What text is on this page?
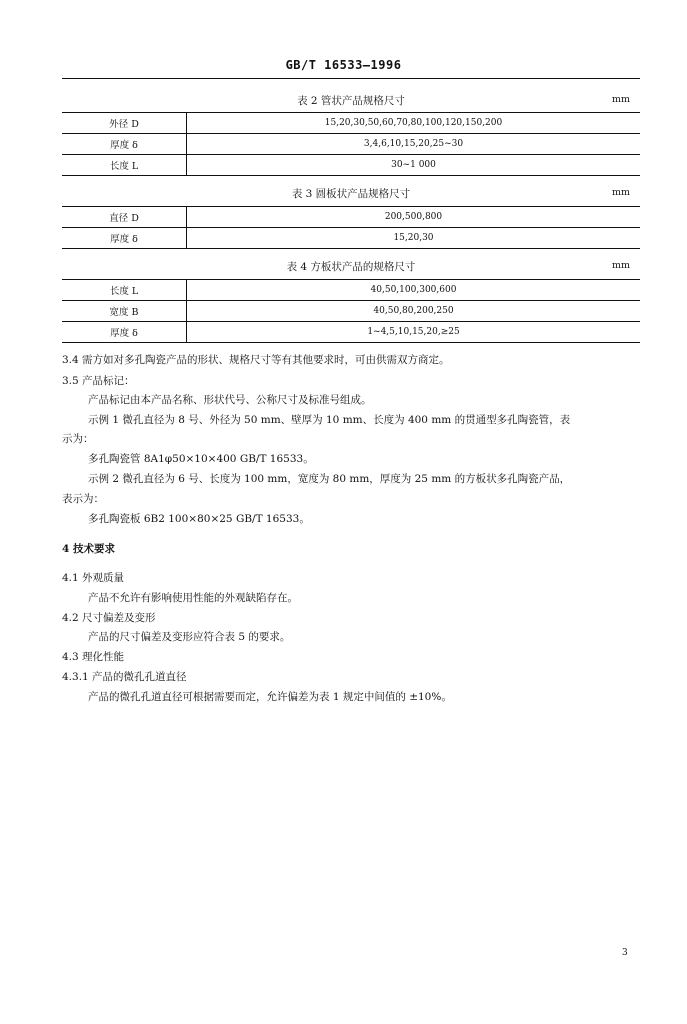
GB/T 16533—1996
表 2 管状产品规格尺寸	mm
外径 D	15,20,30,50,60,70,80,100,120,150,200
厚度 δ	3,4,6,10,15,20,25~30
长度 L	30~1 000
表 3 圆板状产品规格尺寸	mm
直径 D	200,500,800
厚度 δ	15,20,30
表 4 方板状产品的规格尺寸	mm
长度 L	40,50,100,300,600
宽度 B	40,50,80,200,250
厚度 δ	1~4,5,10,15,20,≥25
3.4 需方如对多孔陶瓷产品的形状、规格尺寸等有其他要求时，可由供需双方商定。
3.5 产品标记：
产品标记由本产品名称、形状代号、公称尺寸及标准号组成。
示例 1 微孔直径为 8 号、外径为 50 mm、壁厚为 10 mm、长度为 400 mm 的贯通型多孔陶瓷管，表
示为：
多孔陶瓷管 8A1φ50×10×400 GB/T 16533。
示例 2 微孔直径为 6 号、长度为 100 mm，宽度为 80 mm，厚度为 25 mm 的方板状多孔陶瓷产品，
表示为：
多孔陶瓷板 6B2 100×80×25 GB/T 16533。
4 技术要求
4.1 外观质量
产品不允许有影响使用性能的外观缺陷存在。
4.2 尺寸偏差及变形
产品的尺寸偏差及变形应符合表 5 的要求。
4.3 理化性能
4.3.1 产品的微孔孔道直径
产品的微孔孔道直径可根据需要而定，允许偏差为表 1 规定中间值的 ±10%。
3
